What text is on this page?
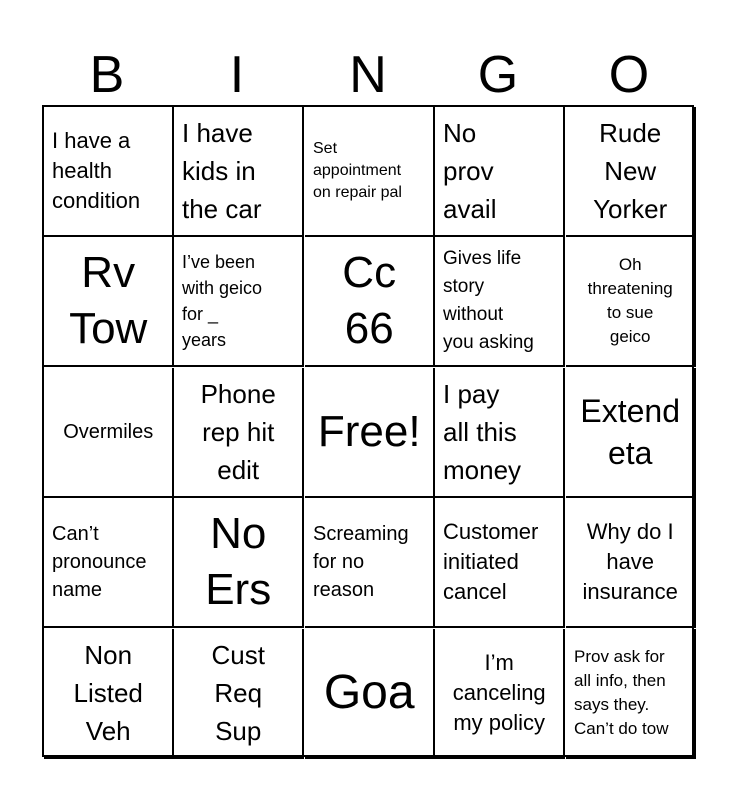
B	I	N	G	O
I have a
health
condition
I have
kids in
the car
Set
appointment
on repair pal
No
prov
avail
Rude
New
Yorker
Rv
Tow
I’ve been
with geico
for _
years
Cc
66
Gives life
story
without
you asking
Oh
threatening
to sue
geico
Overmiles
Phone
rep hit
edit
Free!
I pay
all this
money
Extend
eta
Can’t
pronounce
name
No
Ers
Screaming
for no
reason
Customer
initiated
cancel
Why do I
have
insurance
Non
Listed
Veh
Cust
Req
Sup
Goa
I’m
canceling
my policy
Prov ask for
all info, then
says they.
Can’t do tow
